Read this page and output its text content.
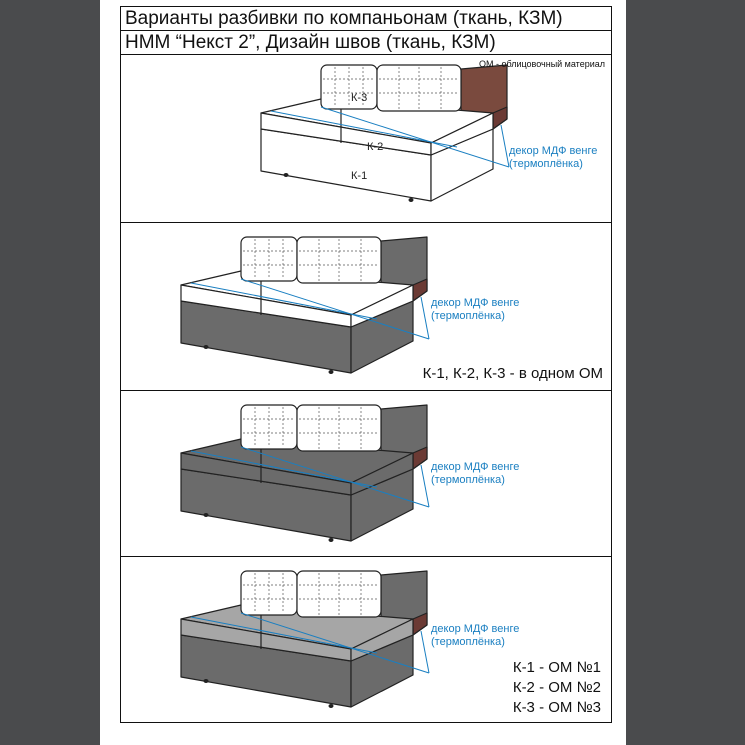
Варианты разбивки по компаньонам (ткань, КЗМ)
НММ “Некст 2”, Дизайн швов (ткань, КЗМ)
ОМ - облицовочный материал
К-3
К-2
К-1
декор МДФ венге
(термоплёнка)
декор МДФ венге
(термоплёнка)
К-1, К-2, К-3 - в одном ОМ
декор МДФ венге
(термоплёнка)
декор МДФ венге
(термоплёнка)
К-1 - ОМ №1
К-2 - ОМ №2
К-3 - ОМ №3
